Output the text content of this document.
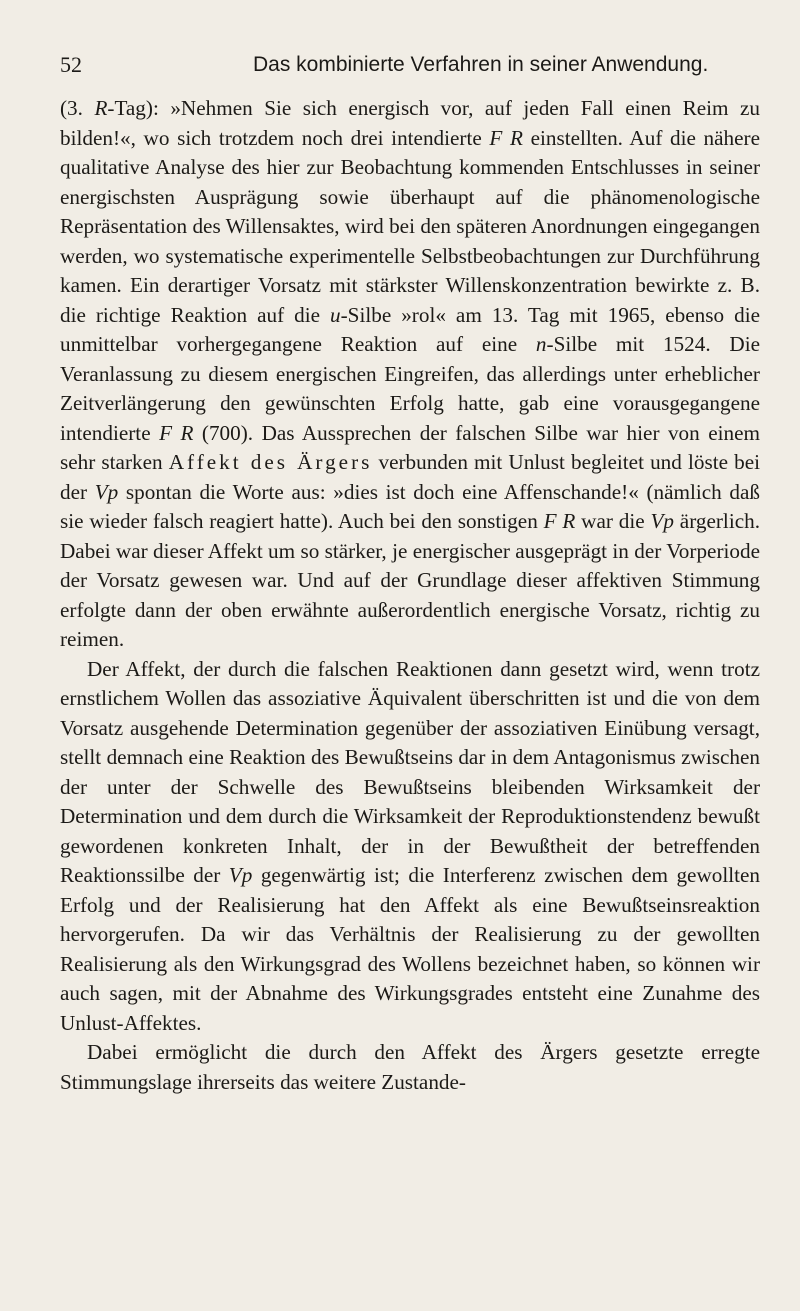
52	Das kombinierte Verfahren in seiner Anwendung.

(3. R-Tag): »Nehmen Sie sich energisch vor, auf jeden Fall einen Reim zu bilden!«, wo sich trotzdem noch drei intendierte F R einstellten. Auf die nähere qualitative Analyse des hier zur Beobachtung kommenden Entschlusses in seiner energischsten Ausprägung sowie überhaupt auf die phänomenologische Repräsentation des Willensaktes, wird bei den späteren Anordnungen eingegangen werden, wo systematische experimentelle Selbstbeobachtungen zur Durchführung kamen. Ein derartiger Vorsatz mit stärkster Willenskonzentration bewirkte z. B. die richtige Reaktion auf die u-Silbe »rol« am 13. Tag mit 1965, ebenso die unmittelbar vorhergegangene Reaktion auf eine n-Silbe mit 1524. Die Veranlassung zu diesem energischen Eingreifen, das allerdings unter erheblicher Zeitverlängerung den gewünschten Erfolg hatte, gab eine vorausgegangene intendierte F R (700). Das Aussprechen der falschen Silbe war hier von einem sehr starken Affekt des Ärgers verbunden mit Unlust begleitet und löste bei der Vp spontan die Worte aus: »dies ist doch eine Affenschande!« (nämlich daß sie wieder falsch reagiert hatte). Auch bei den sonstigen F R war die Vp ärgerlich. Dabei war dieser Affekt um so stärker, je energischer ausgeprägt in der Vorperiode der Vorsatz gewesen war. Und auf der Grundlage dieser affektiven Stimmung erfolgte dann der oben erwähnte außerordentlich energische Vorsatz, richtig zu reimen.

Der Affekt, der durch die falschen Reaktionen dann gesetzt wird, wenn trotz ernstlichem Wollen das assoziative Äquivalent überschritten ist und die von dem Vorsatz ausgehende Determination gegenüber der assoziativen Einübung versagt, stellt demnach eine Reaktion des Bewußtseins dar in dem Antagonismus zwischen der unter der Schwelle des Bewußtseins bleibenden Wirksamkeit der Determination und dem durch die Wirksamkeit der Reproduktionstendenz bewußt gewordenen konkreten Inhalt, der in der Bewußtheit der betreffenden Reaktionssilbe der Vp gegenwärtig ist; die Interferenz zwischen dem gewollten Erfolg und der Realisierung hat den Affekt als eine Bewußtseinsreaktion hervorgerufen. Da wir das Verhältnis der Realisierung zu der gewollten Realisierung als den Wirkungsgrad des Wollens bezeichnet haben, so können wir auch sagen, mit der Abnahme des Wirkungsgrades entsteht eine Zunahme des Unlust-Affektes.

Dabei ermöglicht die durch den Affekt des Ärgers gesetzte erregte Stimmungslage ihrerseits das weitere Zustande-
